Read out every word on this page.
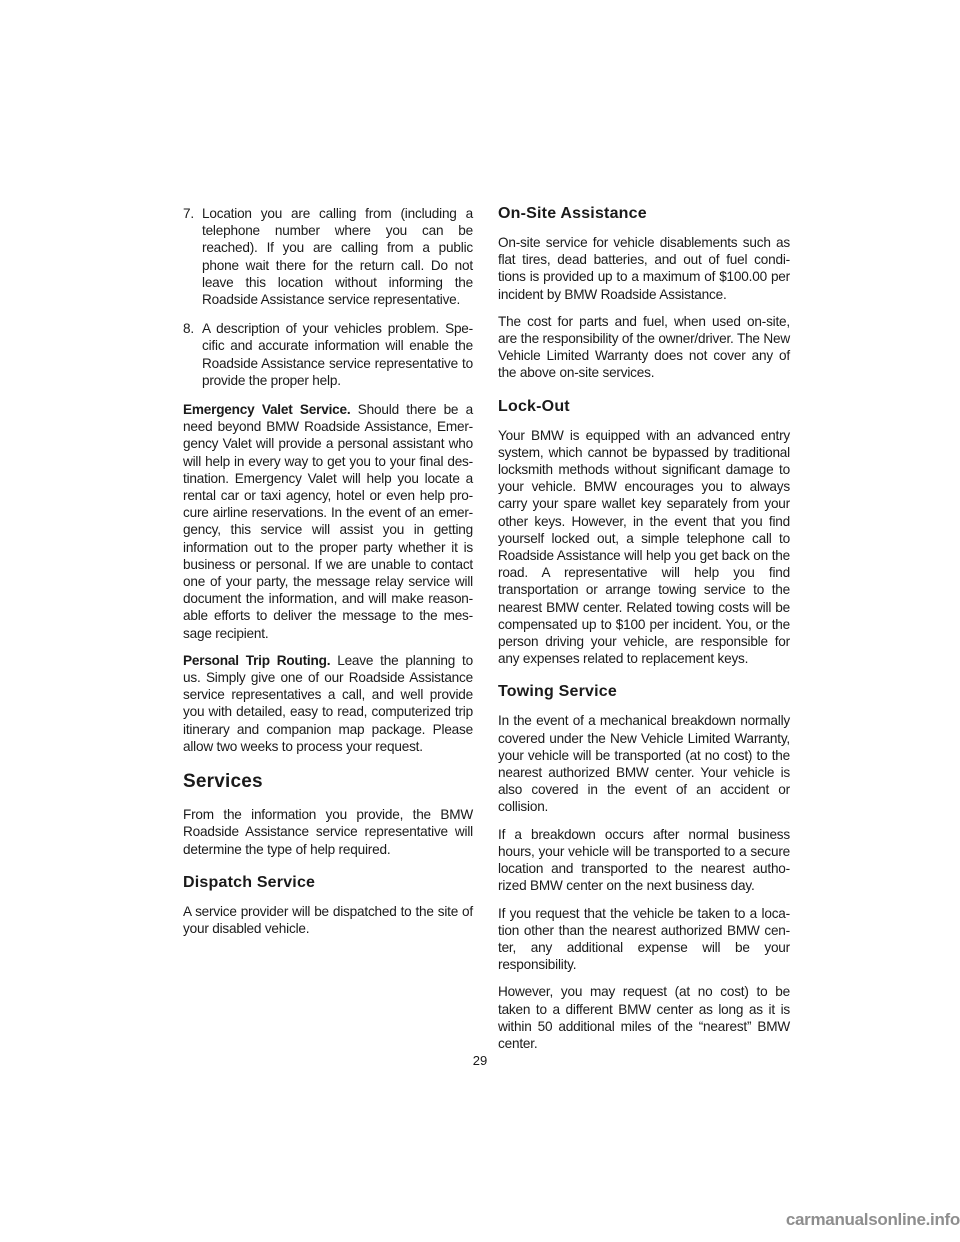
7. Location you are calling from (including a telephone number where you can be reached). If you are calling from a public phone wait there for the return call. Do not leave this location without informing the Roadside Assistance service representative.
8. A description of your vehicles problem. Spe- cific and accurate information will enable the Roadside Assistance service representative to provide the proper help.

Emergency Valet Service. Should there be a need beyond BMW Roadside Assistance, Emer- gency Valet will provide a personal assistant who will help in every way to get you to your final des- tination. Emergency Valet will help you locate a rental car or taxi agency, hotel or even help pro- cure airline reservations. In the event of an emer- gency, this service will assist you in getting information out to the proper party whether it is business or personal. If we are unable to contact one of your party, the message relay service will document the information, and will make reason- able efforts to deliver the message to the mes- sage recipient.

Personal Trip Routing. Leave the planning to us. Simply give one of our Roadside Assistance service representatives a call, and well provide you with detailed, easy to read, computerized trip itinerary and companion map package. Please allow two weeks to process your request.

Services

From the information you provide, the BMW Roadside Assistance service representative will determine the type of help required.

Dispatch Service

A service provider will be dispatched to the site of your disabled vehicle.

On-Site Assistance

On-site service for vehicle disablements such as flat tires, dead batteries, and out of fuel condi- tions is provided up to a maximum of $100.00 per incident by BMW Roadside Assistance.

The cost for parts and fuel, when used on-site, are the responsibility of the owner/driver. The New Vehicle Limited Warranty does not cover any of the above on-site services.

Lock-Out

Your BMW is equipped with an advanced entry system, which cannot be bypassed by traditional locksmith methods without significant damage to your vehicle. BMW encourages you to always carry your spare wallet key separately from your other keys. However, in the event that you find yourself locked out, a simple telephone call to Roadside Assistance will help you get back on the road. A representative will help you find transportation or arrange towing service to the nearest BMW center. Related towing costs will be compensated up to $100 per incident. You, or the person driving your vehicle, are responsible for any expenses related to replacement keys.

Towing Service

In the event of a mechanical breakdown normally covered under the New Vehicle Limited Warranty, your vehicle will be transported (at no cost) to the nearest authorized BMW center. Your vehicle is also covered in the event of an accident or collision.

If a breakdown occurs after normal business hours, your vehicle will be transported to a secure location and transported to the nearest autho- rized BMW center on the next business day.

If you request that the vehicle be taken to a loca- tion other than the nearest authorized BMW cen- ter, any additional expense will be your responsibility.

However, you may request (at no cost) to be taken to a different BMW center as long as it is within 50 additional miles of the “nearest” BMW center.

29
carmanualsonline.info
